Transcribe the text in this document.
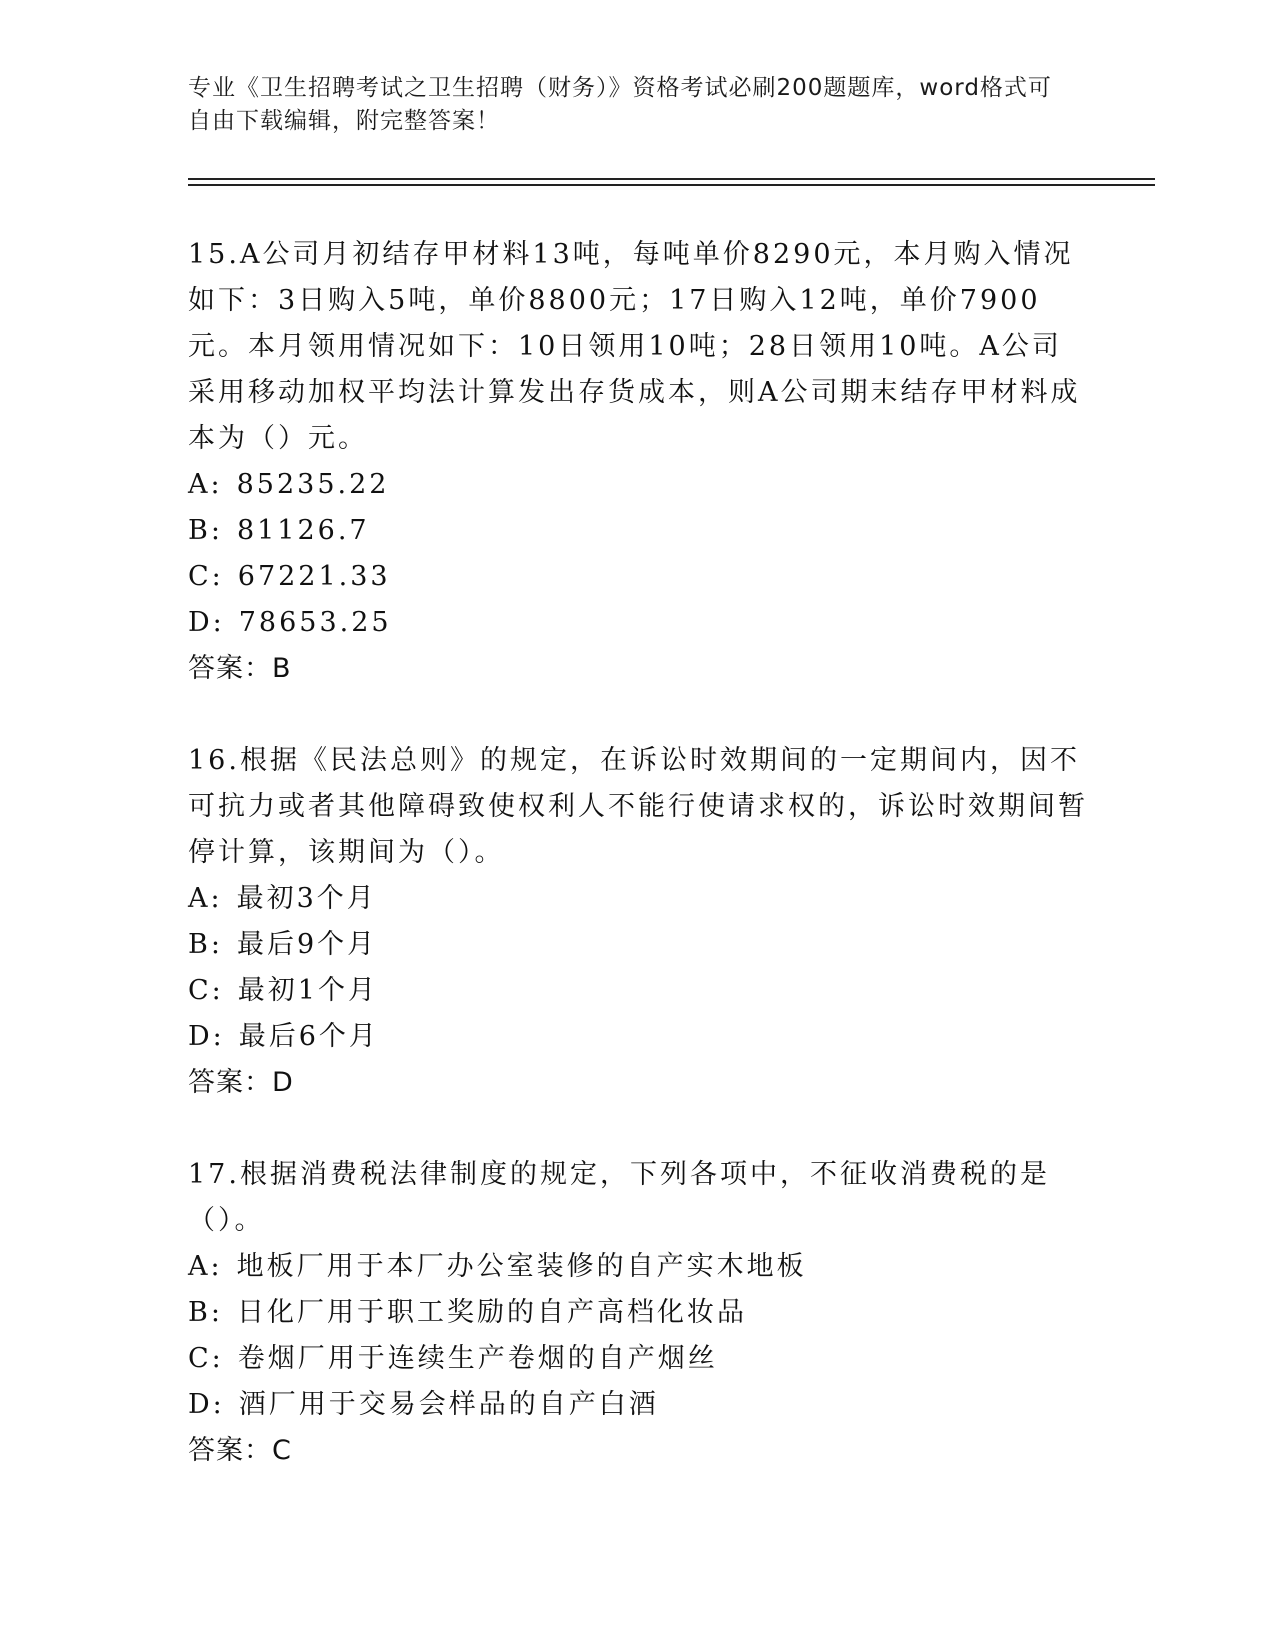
专业《卫生招聘考试之卫生招聘（财务）》资格考试必刷200题题库，word格式可自由下载编辑，附完整答案！

15.A公司月初结存甲材料13吨，每吨单价8290元，本月购入情况如下：3日购入5吨，单价8800元；17日购入12吨，单价7900元。本月领用情况如下：10日领用10吨；28日领用10吨。A公司采用移动加权平均法计算发出存货成本，则A公司期末结存甲材料成本为（）元。

A: 85235.22

B: 81126.7

C: 67221.33

D: 78653.25

答案：B

16.根据《民法总则》的规定，在诉讼时效期间的一定期间内，因不可抗力或者其他障碍致使权利人不能行使请求权的，诉讼时效期间暂停计算，该期间为（）。

A: 最初3个月

B: 最后9个月

C: 最初1个月

D: 最后6个月

答案：D

17.根据消费税法律制度的规定，下列各项中，不征收消费税的是（）。

A: 地板厂用于本厂办公室装修的自产实木地板

B: 日化厂用于职工奖励的自产高档化妆品

C: 卷烟厂用于连续生产卷烟的自产烟丝

D: 酒厂用于交易会样品的自产白酒

答案：C
